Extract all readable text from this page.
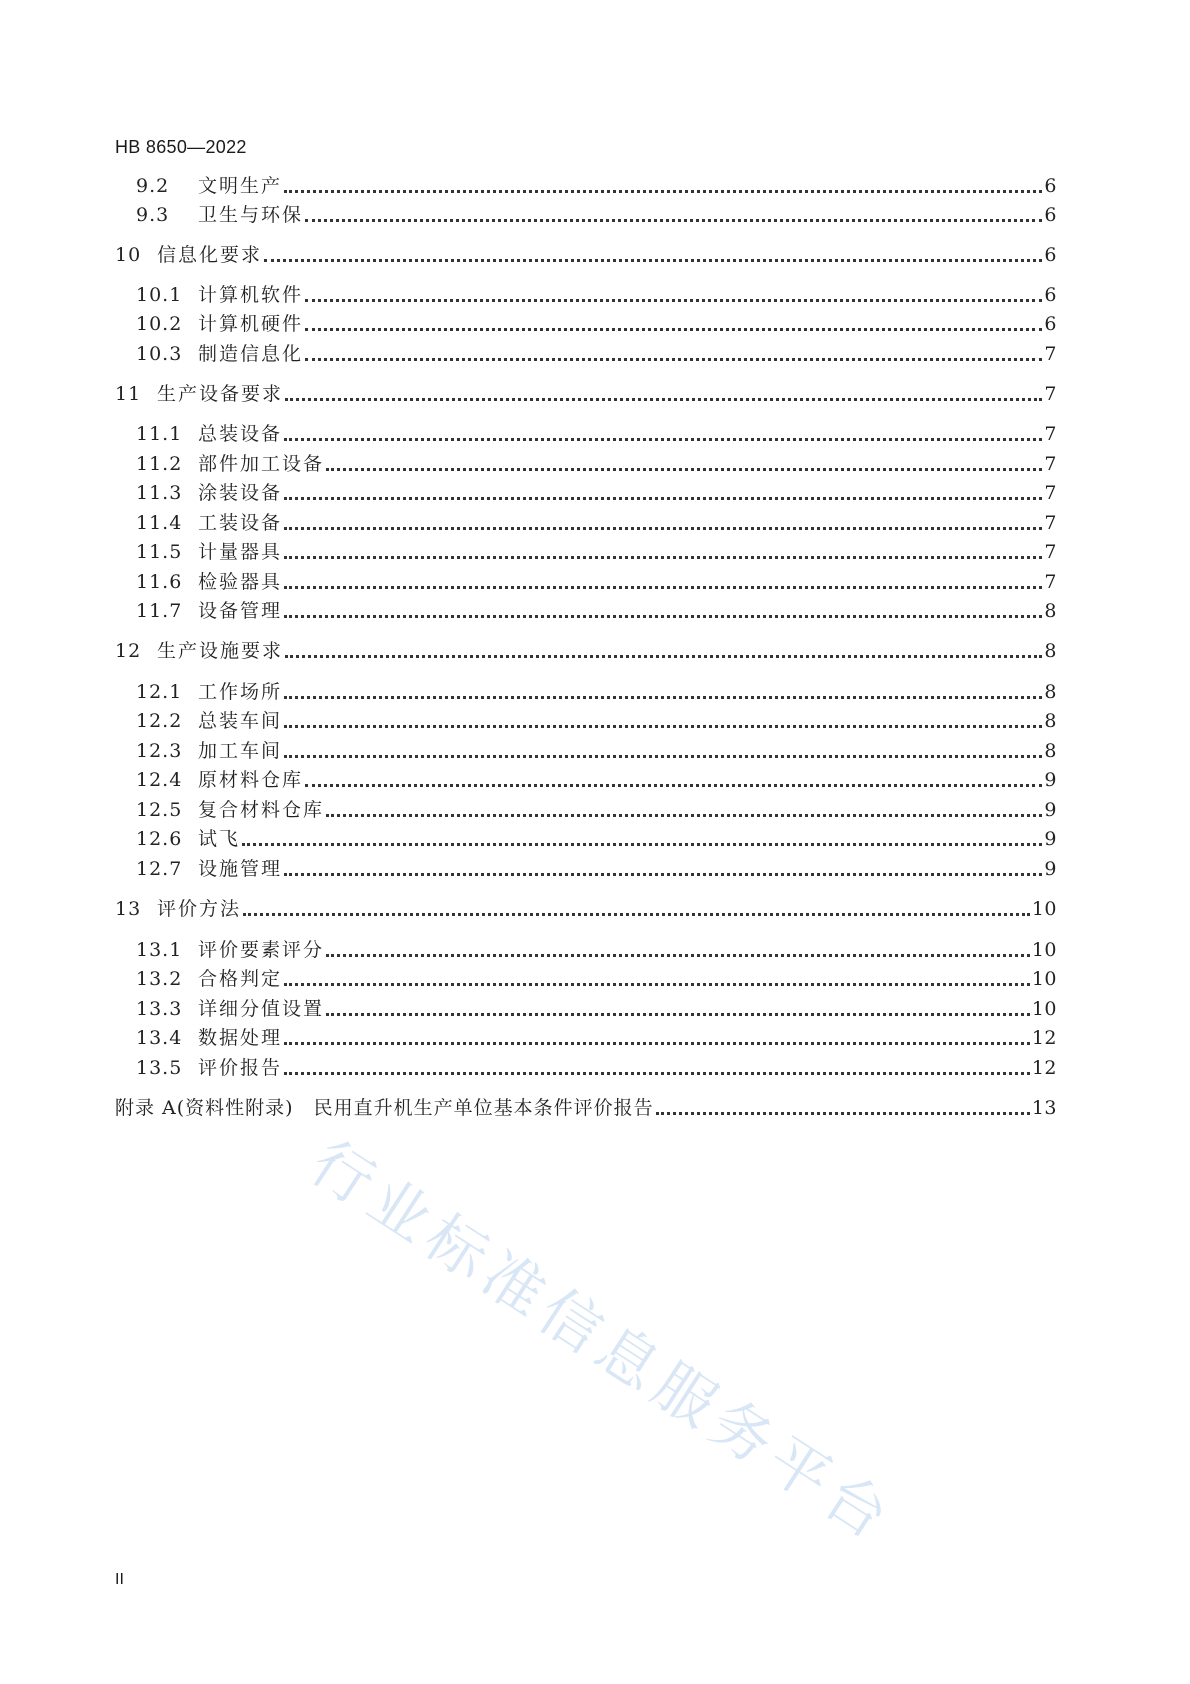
HB 8650—2022
9.2	文明生产	6
9.3	卫生与环保	6
10 信息化要求	6
10.1 计算机软件	6
10.2 计算机硬件	6
10.3 制造信息化	7
11 生产设备要求	7
11.1 总装设备	7
11.2 部件加工设备	7
11.3 涂装设备	7
11.4 工装设备	7
11.5 计量器具	7
11.6 检验器具	7
11.7 设备管理	8
12 生产设施要求	8
12.1 工作场所	8
12.2 总装车间	8
12.3 加工车间	8
12.4 原材料仓库	9
12.5 复合材料仓库	9
12.6 试飞	9
12.7 设施管理	9
13 评价方法	10
13.1 评价要素评分	10
13.2 合格判定	10
13.3 详细分值设置	10
13.4 数据处理	12
13.5 评价报告	12
附录 A(资料性附录)　民用直升机生产单位基本条件评价报告	13
II
行业标准信息服务平台
